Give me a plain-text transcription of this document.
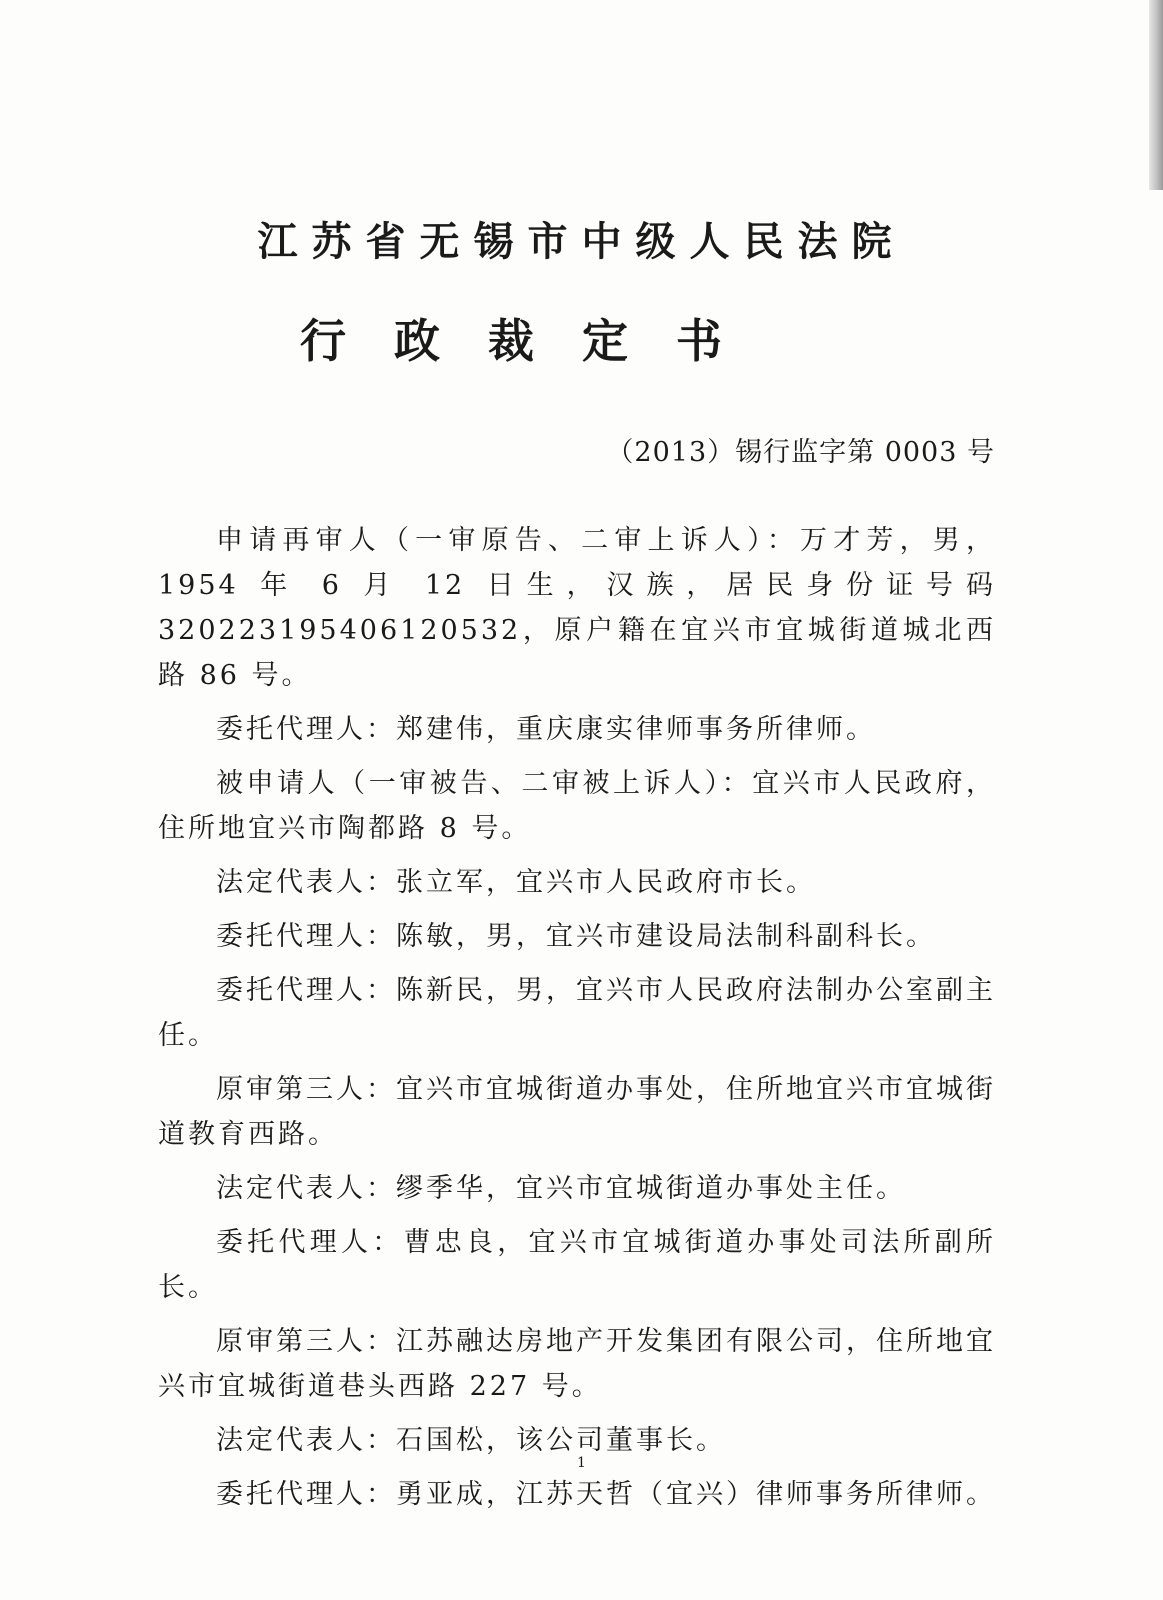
江苏省无锡市中级人民法院
行政裁定书
（2013）锡行监字第 0003 号

申请再审人（一审原告、二审上诉人）：万才芳，男，1954 年 6 月 12 日生，汉族，居民身份证号码 320223195406120532，原户籍在宜兴市宜城街道城北西路 86 号。

委托代理人：郑建伟，重庆康实律师事务所律师。

被申请人（一审被告、二审被上诉人）：宜兴市人民政府，住所地宜兴市陶都路 8 号。

法定代表人：张立军，宜兴市人民政府市长。

委托代理人：陈敏，男，宜兴市建设局法制科副科长。

委托代理人：陈新民，男，宜兴市人民政府法制办公室副主任。

原审第三人：宜兴市宜城街道办事处，住所地宜兴市宜城街道教育西路。

法定代表人：缪季华，宜兴市宜城街道办事处主任。

委托代理人：曹忠良，宜兴市宜城街道办事处司法所副所长。

原审第三人：江苏融达房地产开发集团有限公司，住所地宜兴市宜城街道巷头西路 227 号。

法定代表人：石国松，该公司董事长。

委托代理人：勇亚成，江苏天哲（宜兴）律师事务所律师。

1
